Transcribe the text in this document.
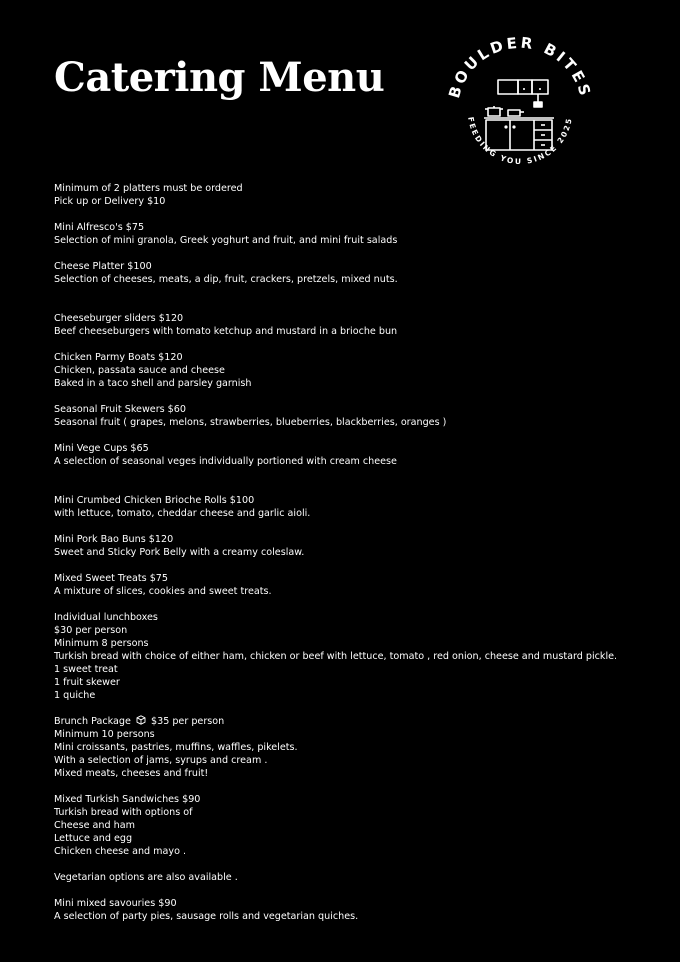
Catering Menu	BOULDER BITES
FEEDING YOU SINCE 2025
Minimum of 2 platters must be ordered
Pick up or Delivery $10
Mini Alfresco's $75
Selection of mini granola, Greek yoghurt and fruit, and mini fruit salads
Cheese Platter $100
Selection of cheeses, meats, a dip, fruit, crackers, pretzels, mixed nuts.
Cheeseburger sliders $120
Beef cheeseburgers with tomato ketchup and mustard in a brioche bun
Chicken Parmy Boats $120
Chicken, passata sauce and cheese
Baked in a taco shell and parsley garnish
Seasonal Fruit Skewers $60
Seasonal fruit ( grapes, melons, strawberries, blueberries, blackberries, oranges )
Mini Vege Cups $65
A selection of seasonal veges individually portioned with cream cheese
Mini Crumbed Chicken Brioche Rolls $100
with lettuce, tomato, cheddar cheese and garlic aioli.
Mini Pork Bao Buns $120
Sweet and Sticky Pork Belly with a creamy coleslaw.
Mixed Sweet Treats $75
A mixture of slices, cookies and sweet treats.
Individual lunchboxes
$30 per person
Minimum 8 persons
Turkish bread with choice of either ham, chicken or beef with lettuce, tomato , red onion, cheese and mustard pickle.
1 sweet treat
1 fruit skewer
1 quiche
Brunch Package $35 per person
Minimum 10 persons
Mini croissants, pastries, muffins, waffles, pikelets.
With a selection of jams, syrups and cream .
Mixed meats, cheeses and fruit!
Mixed Turkish Sandwiches $90
Turkish bread with options of
Cheese and ham
Lettuce and egg
Chicken cheese and mayo .
Vegetarian options are also available .
Mini mixed savouries $90
A selection of party pies, sausage rolls and vegetarian quiches.
